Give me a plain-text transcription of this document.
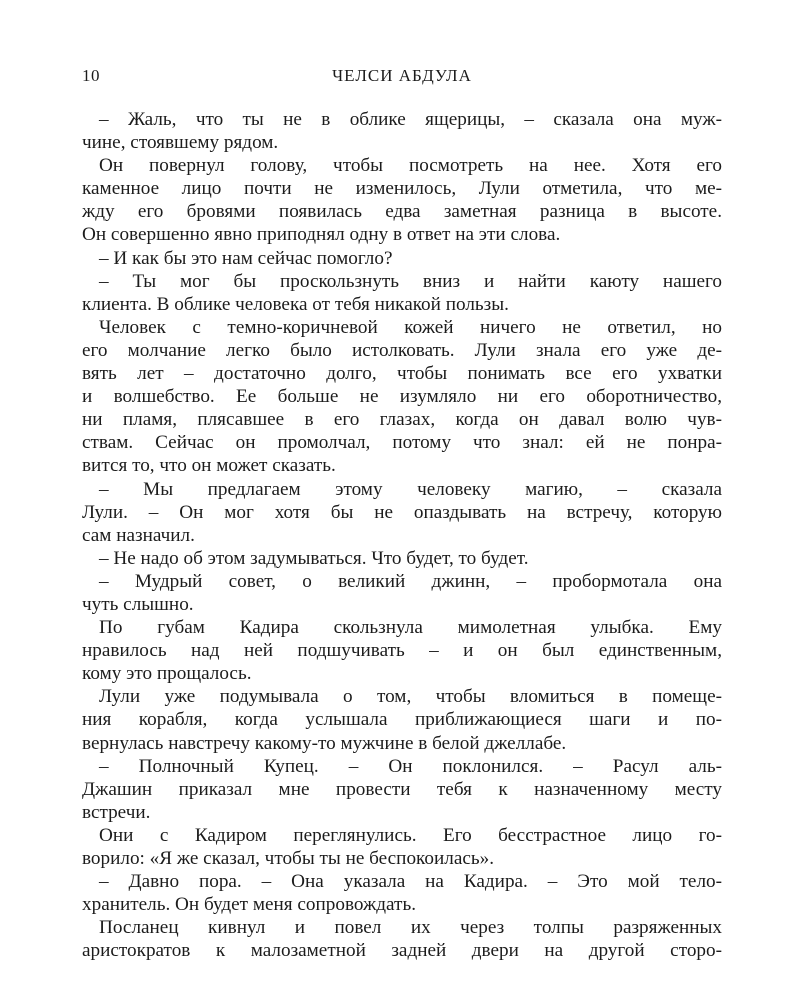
10	ЧЕЛСИ АБДУЛА

– Жаль, что ты не в облике ящерицы, – сказала она муж-
чине, стоявшему рядом.

Он повернул голову, чтобы посмотреть на нее. Хотя его
каменное лицо почти не изменилось, Лули отметила, что ме-
жду его бровями появилась едва заметная разница в высоте.
Он совершенно явно приподнял одну в ответ на эти слова.

– И как бы это нам сейчас помогло?

– Ты мог бы проскользнуть вниз и найти каюту нашего
клиента. В облике человека от тебя никакой пользы.

Человек с темно-коричневой кожей ничего не ответил, но
его молчание легко было истолковать. Лули знала его уже де-
вять лет – достаточно долго, чтобы понимать все его ухватки
и волшебство. Ее больше не изумляло ни его оборотничество,
ни пламя, плясавшее в его глазах, когда он давал волю чув-
ствам. Сейчас он промолчал, потому что знал: ей не понра-
вится то, что он может сказать.

– Мы предлагаем этому человеку магию, – сказала
Лули. – Он мог хотя бы не опаздывать на встречу, которую
сам назначил.

– Не надо об этом задумываться. Что будет, то будет.

– Мудрый совет, о великий джинн, – пробормотала она
чуть слышно.

По губам Кадира скользнула мимолетная улыбка. Ему
нравилось над ней подшучивать – и он был единственным,
кому это прощалось.

Лули уже подумывала о том, чтобы вломиться в помеще-
ния корабля, когда услышала приближающиеся шаги и по-
вернулась навстречу какому-то мужчине в белой джеллабе.

– Полночный Купец. – Он поклонился. – Расул аль-
Джашин приказал мне провести тебя к назначенному месту
встречи.

Они с Кадиром переглянулись. Его бесстрастное лицо го-
ворило: «Я же сказал, чтобы ты не беспокоилась».

– Давно пора. – Она указала на Кадира. – Это мой тело-
хранитель. Он будет меня сопровождать.

Посланец кивнул и повел их через толпы разряженных
аристократов к малозаметной задней двери на другой сторо-
